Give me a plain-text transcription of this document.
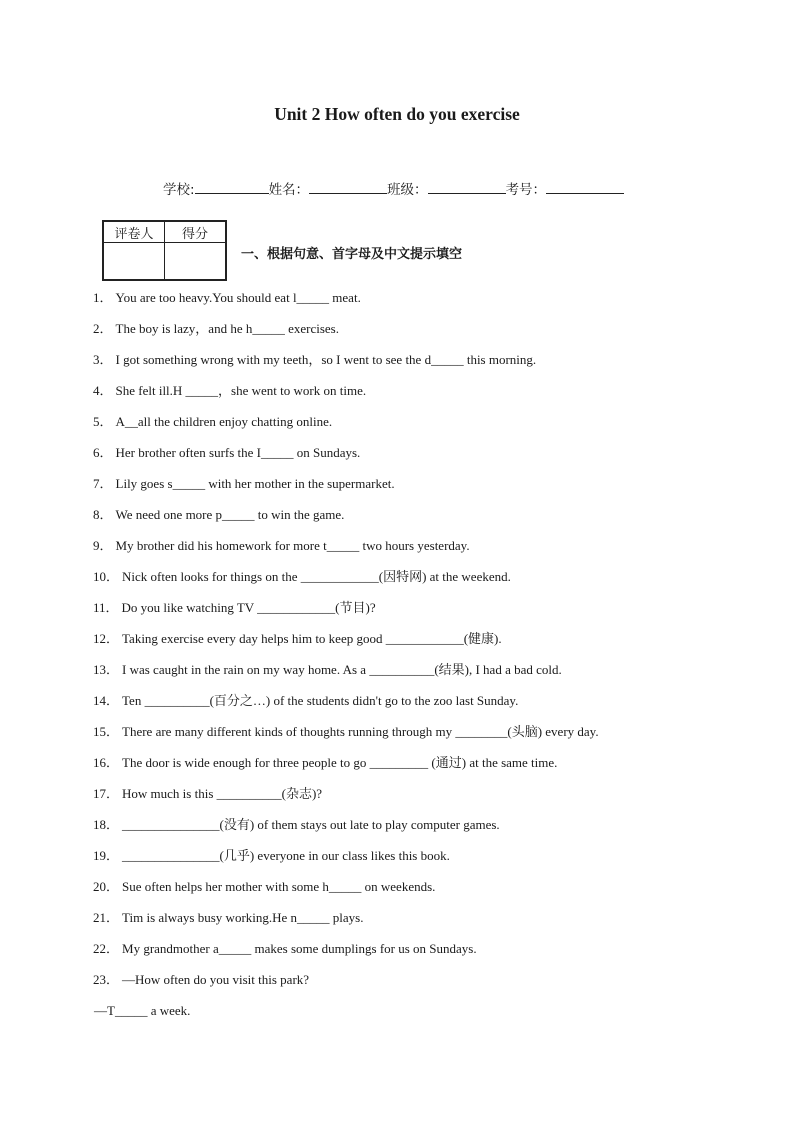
Unit 2 How often do you exercise
学校:	姓名：	班级：	考号：
评卷人	得分

一、根据句意、首字母及中文提示填空
1． You are too heavy.You should eat l_____ meat.
2． The boy is lazy，and he h_____ exercises.
3． I got something wrong with my teeth，so I went to see the d_____ this morning.
4． She felt ill.H _____，she went to work on time.
5． A__all the children enjoy chatting online.
6． Her brother often surfs the I_____ on Sundays.
7． Lily goes s_____ with her mother in the supermarket.
8． We need one more p_____ to win the game.
9． My brother did his homework for more t_____ two hours yesterday.
10． Nick often looks for things on the ____________(因特网) at the weekend.
11． Do you like watching TV ____________(节目)?
12． Taking exercise every day helps him to keep good ____________(健康).
13． I was caught in the rain on my way home. As a __________(结果), I had a bad cold.
14． Ten __________(百分之…) of the students didn't go to the zoo last Sunday.
15． There are many different kinds of thoughts running through my ________(头脑) every day.
16． The door is wide enough for three people to go _________ (通过) at the same time.
17． How much is this __________(杂志)?
18． _______________(没有) of them stays out late to play computer games.
19． _______________(几乎) everyone in our class likes this book.
20． Sue often helps her mother with some h_____ on weekends.
21． Tim is always busy working.He n_____ plays.
22． My grandmother a_____ makes some dumplings for us on Sundays.
23． —How often do you visit this park?
—T_____ a week.
